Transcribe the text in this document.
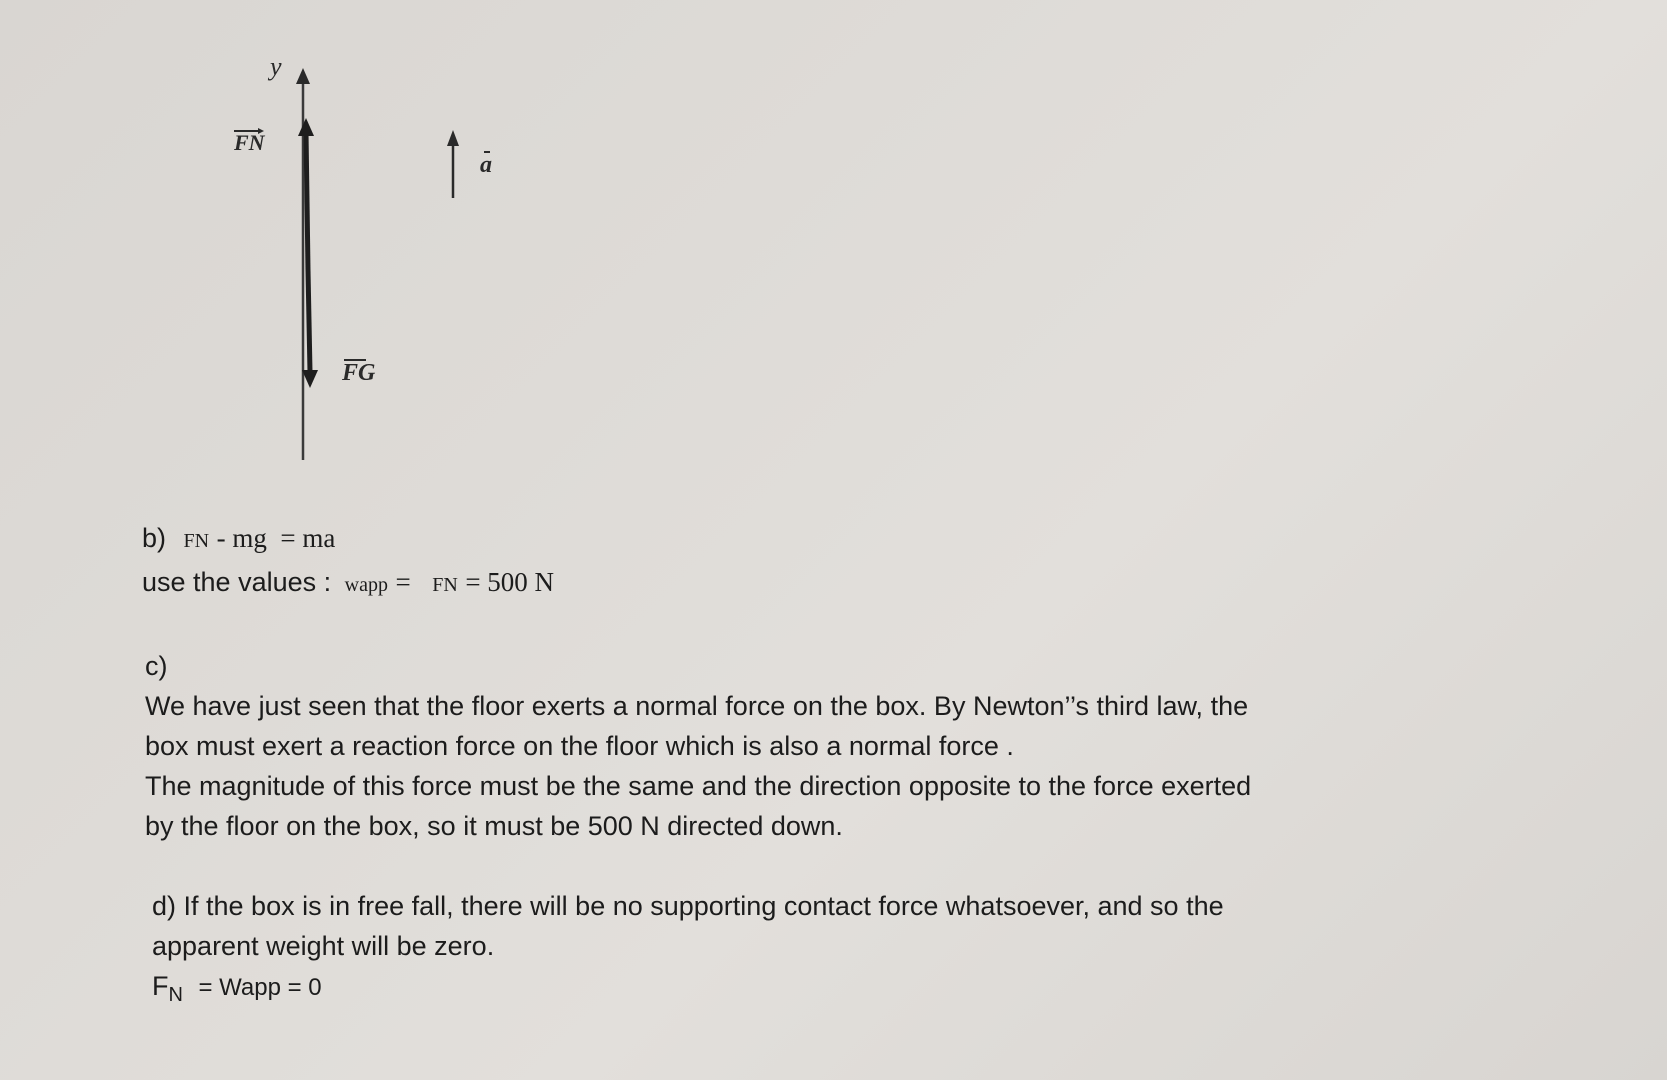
y
FN
FG
a
b) FN - mg  = ma
use the values : wapp = FN = 500 N
c)
We have just seen that the floor exerts a normal force on the box. By Newton’’s third law, the
box must exert a reaction force on the floor which is also a normal force .
The magnitude of this force must be the same and the direction opposite to the force exerted
by the floor on the box, so it must be 500 N directed down.
d) If the box is in free fall, there will be no supporting contact force whatsoever, and so the
apparent weight will be zero.
$F_N$ = Wapp = 0
